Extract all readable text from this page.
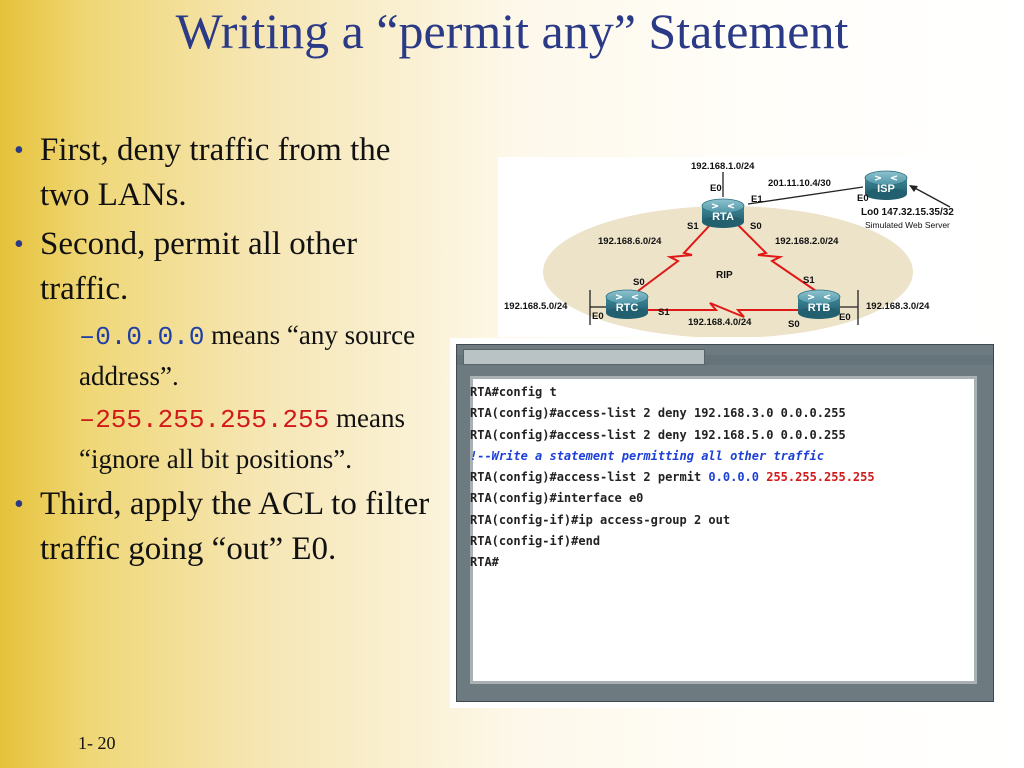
Writing a “permit any” Statement
• First, deny traffic from the two LANs.
• Second, permit all other traffic.
–0.0.0.0 means “any source address”.
–255.255.255.255 means “ignore all bit positions”.
• Third, apply the ACL to filter traffic going “out” E0.
1- 20
RTA
ISP
RTC	RTB
192.168.1.0/24
E0
E1
201.11.10.4/30
E0
Lo0 147.32.15.35/32
Simulated Web Server
S1	S0
192.168.6.0/24	192.168.2.0/24
RIP
S0	S1
192.168.5.0/24
E0	S1
192.168.3.0/24
E0
S0
192.168.4.0/24
RTA#config t
RTA(config)#access-list 2 deny 192.168.3.0 0.0.0.255
RTA(config)#access-list 2 deny 192.168.5.0 0.0.0.255
!--Write a statement permitting all other traffic
RTA(config)#access-list 2 permit 0.0.0.0 255.255.255.255
RTA(config)#interface e0
RTA(config-if)#ip access-group 2 out
RTA(config-if)#end
RTA#
